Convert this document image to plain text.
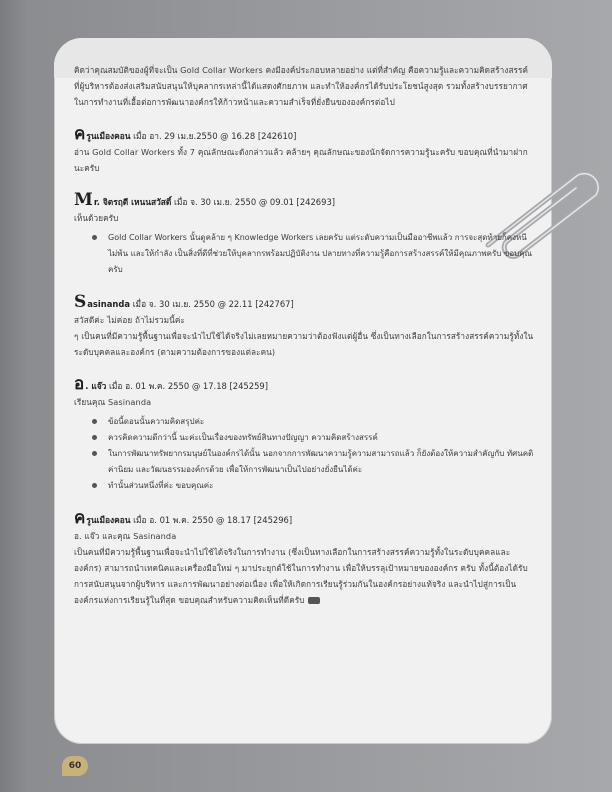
คิดว่าคุณสมบัติของผู้ที่จะเป็น Gold Collar Workers คงมีองค์ประกอบหลายอย่าง แต่ที่สำคัญ คือความรู้และความคิดสร้างสรรค์ ที่ผู้บริหารต้องส่งเสริมสนับสนุนให้บุคลากรเหล่านี้ได้แสดงศักยภาพ และทำให้องค์กรได้รับประโยชน์สูงสุด รวมทั้งสร้างบรรยากาศในการทำงานที่เอื้อต่อการพัฒนาองค์กรให้ก้าวหน้าและความสำเร็จที่ยั่งยืนขององค์กรต่อไป

ครูนเมืองคอน เมื่อ อา. 29 เม.ย.2550 @ 16.28 [242610]

อ่าน Gold Collar Workers ทั้ง 7 คุณลักษณะดังกล่าวแล้ว คล้ายๆ คุณลักษณะของนักจัดการความรู้นะครับ ขอบคุณที่นำมาฝากนะครับ

Mr. จิตรฤดี เหนนสวัสดิ์ เมื่อ จ. 30 เม.ย. 2550 @ 09.01 [242693]

เห็นด้วยครับ

Gold Collar Workers นั้นดูคล้าย ๆ Knowledge Workers เลยครับ แต่ระดับความเป็นมืออาชีพแล้ว การจะสุดท้ายก็คงหนีไม่พ้น และให้กำลัง เป็นสิ่งที่ดีที่ช่วยให้บุคลากรพร้อมปฏิบัติงาน ปลายทางที่ความรู้คือการสร้างสรรค์ให้มีคุณภาพครับ ขอบคุณครับ
Sasinanda เมื่อ จ. 30 เม.ย. 2550 @ 22.11 [242767]

สวัสดีค่ะ ไม่ค่อย ถ้าไม่รวมนี้ค่ะ

ๆ เป็นคนที่มีความรู้พื้นฐานเพื่อจะนำไปใช้ได้จริงไม่เลยหมายความว่าต้องฟังแต่ผู้อื่น ซึ่งเป็นทางเลือกในการสร้างสรรค์ความรู้ทั้งในระดับบุคคลและองค์กร (ตามความต้องการของแต่ละคน)

อ. แจ๊ว เมื่อ อ. 01 พ.ค. 2550 @ 17.18 [245259]

เรียนคุณ Sasinanda

ข้อนี้ดอนนั้นความคิดสรุปค่ะ
ควรคิดความดีกว่านี้ นะค่ะเป็นเรื่องของทรัพย์สินทางปัญญา ความคิดสร้างสรรค์
ในการพัฒนาทรัพยากรมนุษย์ในองค์กรได้นั้น นอกจากการพัฒนาความรู้ความสามารถแล้ว ก็ยังต้องให้ความสำคัญกับ ทัศนคติ ค่านิยม และวัฒนธรรมองค์กรด้วย เพื่อให้การพัฒนาเป็นไปอย่างยั่งยืนได้ค่ะ
ทำนั้นส่วนหนึ่งที่ค่ะ ขอบคุณค่ะ
ครูนเมืองคอน เมื่อ อ. 01 พ.ค. 2550 @ 18.17 [245296]

อ. แจ๊ว และคุณ Sasinanda

เป็นคนที่มีความรู้พื้นฐานเพื่อจะนำไปใช้ได้จริงในการทำงาน (ซึ่งเป็นทางเลือกในการสร้างสรรค์ความรู้ทั้งในระดับบุคคลและองค์กร) สามารถนำเทคนิคและเครื่องมือใหม่ ๆ มาประยุกต์ใช้ในการทำงาน เพื่อให้บรรลุเป้าหมายขององค์กร ครับ ทั้งนี้ต้องได้รับการสนับสนุนจากผู้บริหาร และการพัฒนาอย่างต่อเนื่อง เพื่อให้เกิดการเรียนรู้ร่วมกันในองค์กรอย่างแท้จริง และนำไปสู่การเป็นองค์กรแห่งการเรียนรู้ในที่สุด ขอบคุณสำหรับความคิดเห็นที่ดีครับ

60
